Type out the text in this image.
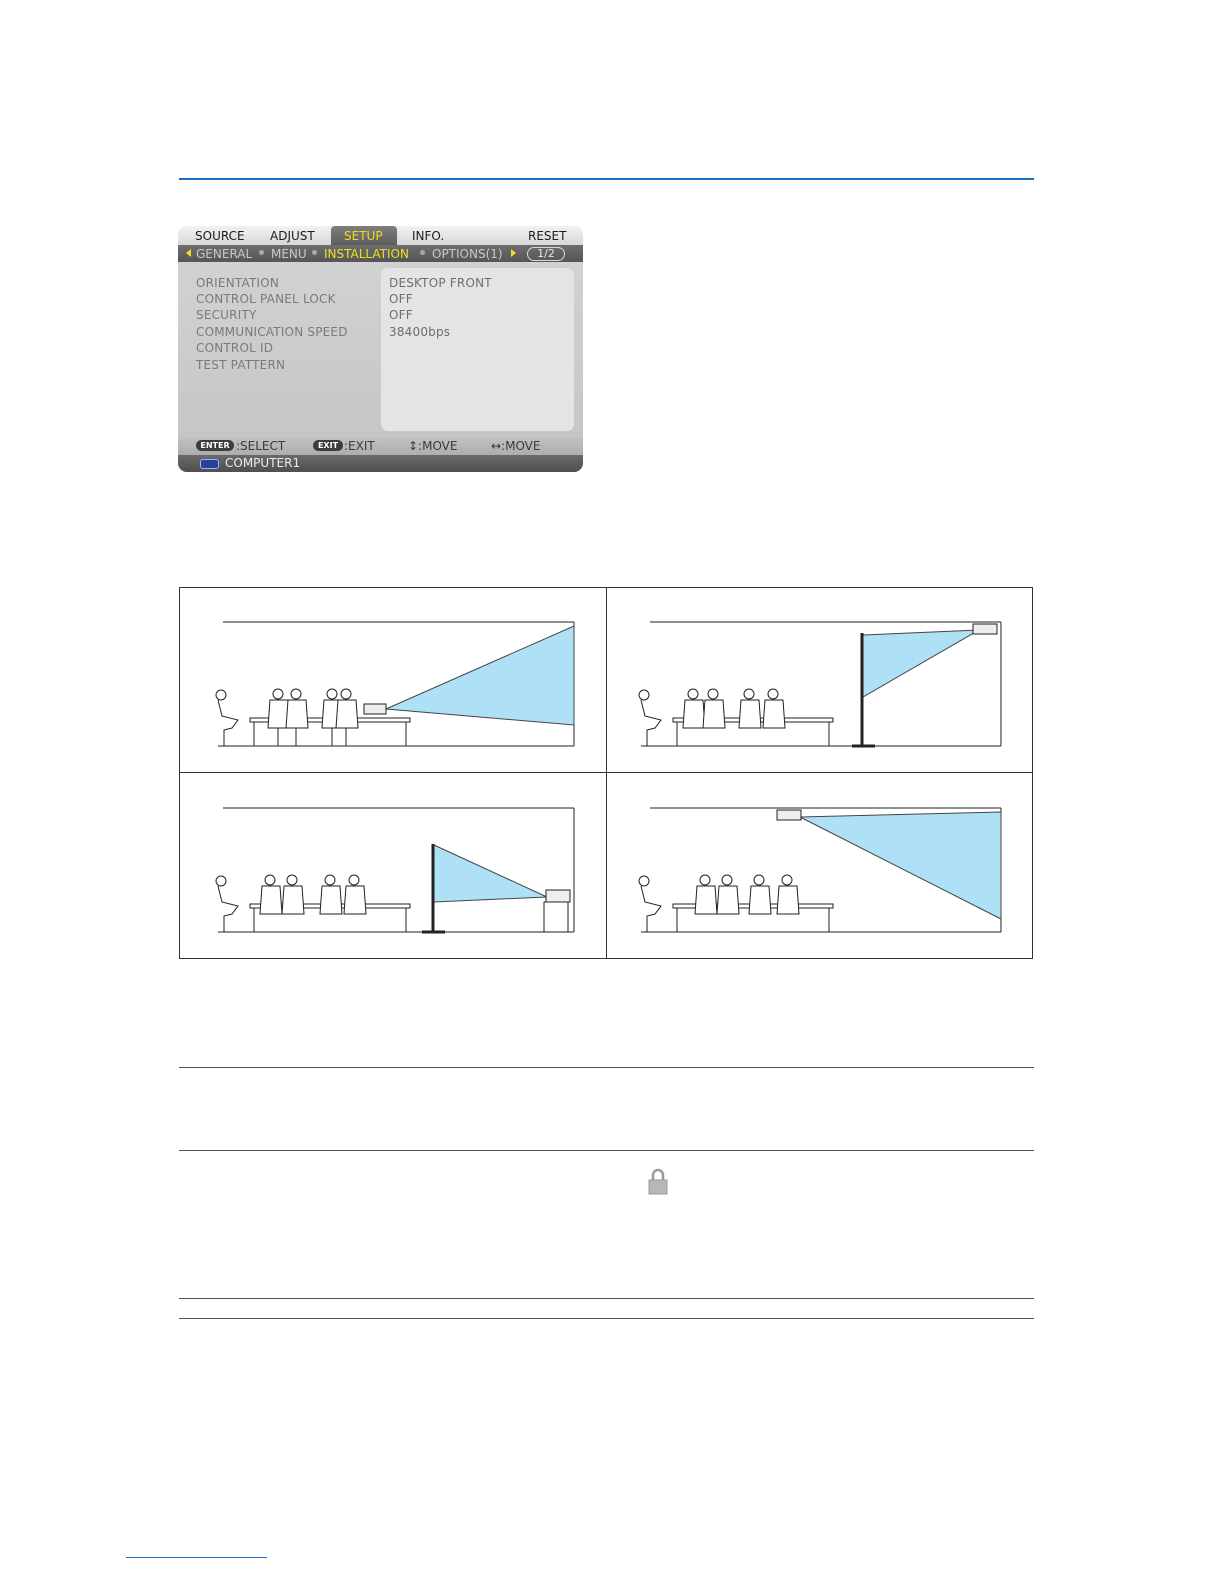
SOURCE ADJUST SETUP INFO.	RESET
GENERAL MENU INSTALLATION OPTIONS(1)	1/2
ORIENTATION	DESKTOP FRONT
CONTROL PANEL LOCK	OFF
SECURITY	OFF
COMMUNICATION SPEED	38400bps
CONTROL ID
TEST PATTERN
ENTER :SELECT	EXIT :EXIT	↕:MOVE	↔:MOVE
COMPUTER1
